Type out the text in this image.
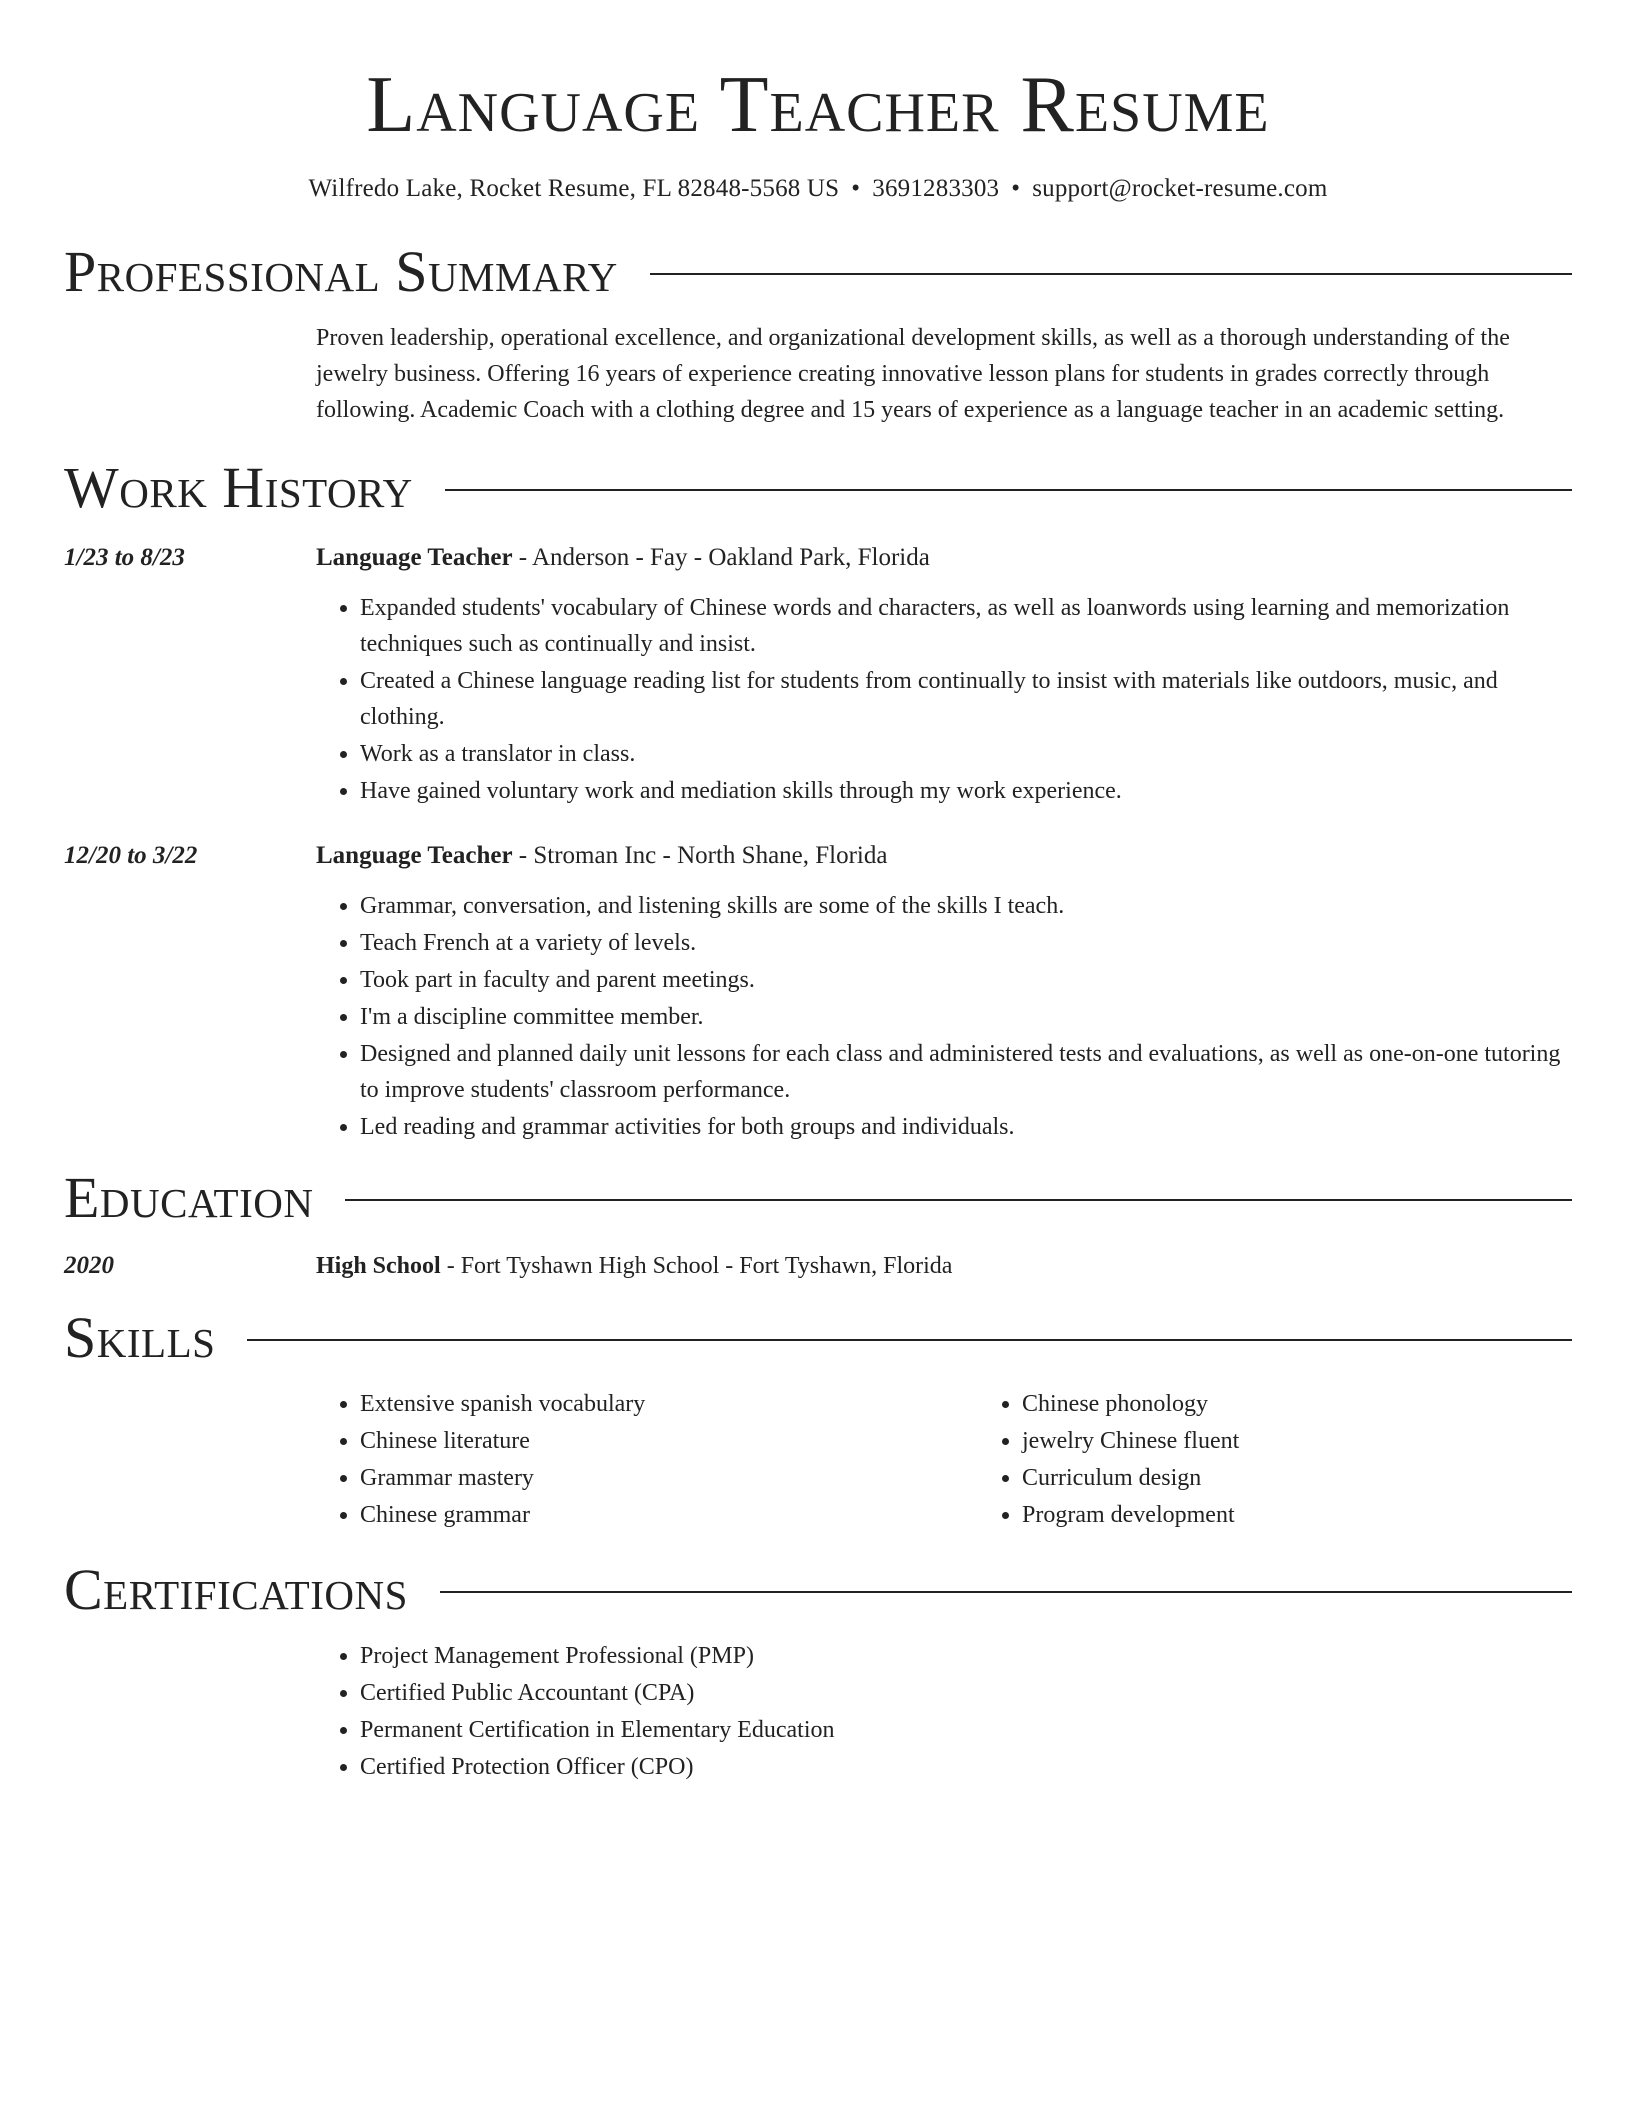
Language Teacher Resume
Wilfredo Lake, Rocket Resume, FL 82848-5568 US • 3691283303 • support@rocket-resume.com
Professional Summary
Proven leadership, operational excellence, and organizational development skills, as well as a thorough understanding of the jewelry business. Offering 16 years of experience creating innovative lesson plans for students in grades correctly through following. Academic Coach with a clothing degree and 15 years of experience as a language teacher in an academic setting.
Work History
1/23 to 8/23	Language Teacher - Anderson - Fay - Oakland Park, Florida
• Expanded students' vocabulary of Chinese words and characters, as well as loanwords using learning and memorization techniques such as continually and insist.
• Created a Chinese language reading list for students from continually to insist with materials like outdoors, music, and clothing.
• Work as a translator in class.
• Have gained voluntary work and mediation skills through my work experience.
12/20 to 3/22	Language Teacher - Stroman Inc - North Shane, Florida
• Grammar, conversation, and listening skills are some of the skills I teach.
• Teach French at a variety of levels.
• Took part in faculty and parent meetings.
• I'm a discipline committee member.
• Designed and planned daily unit lessons for each class and administered tests and evaluations, as well as one-on-one tutoring to improve students' classroom performance.
• Led reading and grammar activities for both groups and individuals.
Education
2020	High School - Fort Tyshawn High School - Fort Tyshawn, Florida
Skills
• Extensive spanish vocabulary
• Chinese literature
• Grammar mastery
• Chinese grammar
• Chinese phonology
• jewelry Chinese fluent
• Curriculum design
• Program development
Certifications
• Project Management Professional (PMP)
• Certified Public Accountant (CPA)
• Permanent Certification in Elementary Education
• Certified Protection Officer (CPO)
